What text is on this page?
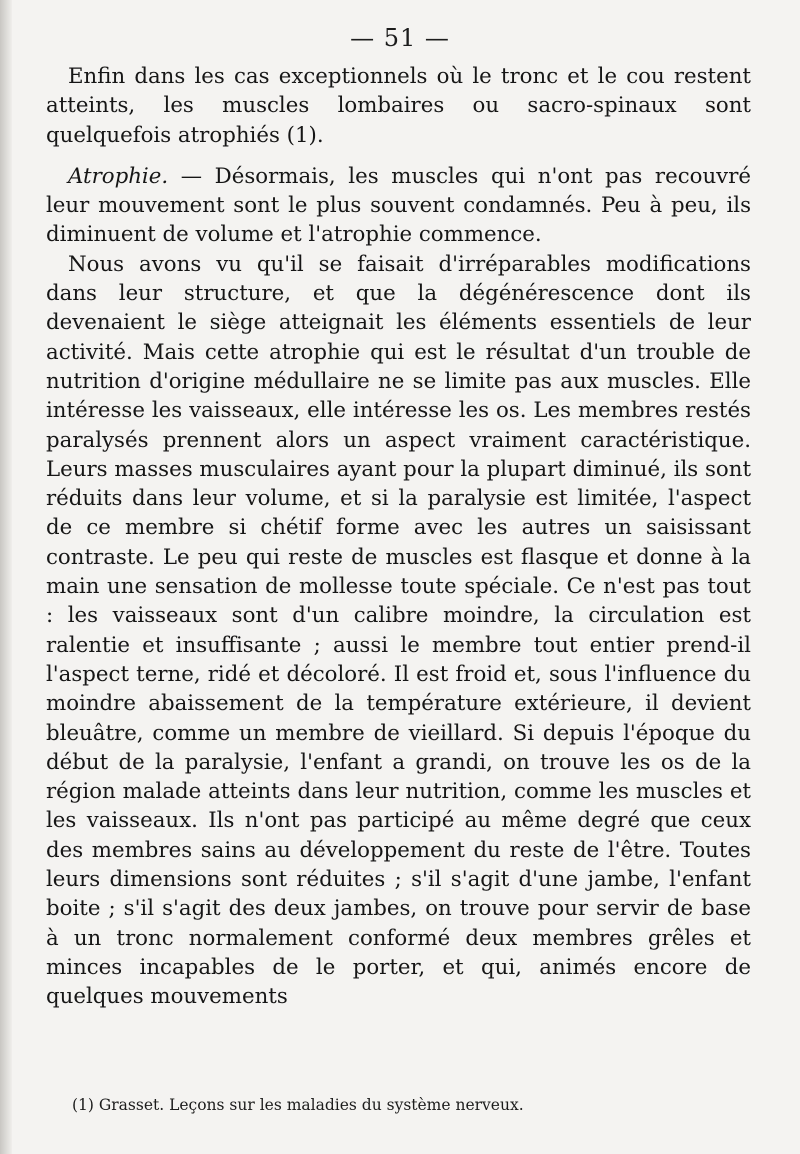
— 51 —

Enfin dans les cas exceptionnels où le tronc et le cou restent atteints, les muscles lombaires ou sacro-spinaux sont quelquefois atrophiés (1).

Atrophie. — Désormais, les muscles qui n'ont pas recouvré leur mouvement sont le plus souvent condamnés. Peu à peu, ils diminuent de volume et l'atrophie commence.

Nous avons vu qu'il se faisait d'irréparables modifications dans leur structure, et que la dégénérescence dont ils devenaient le siège atteignait les éléments essentiels de leur activité. Mais cette atrophie qui est le résultat d'un trouble de nutrition d'origine médullaire ne se limite pas aux muscles. Elle intéresse les vaisseaux, elle intéresse les os. Les membres restés paralysés prennent alors un aspect vraiment caractéristique. Leurs masses musculaires ayant pour la plupart diminué, ils sont réduits dans leur volume, et si la paralysie est limitée, l'aspect de ce membre si chétif forme avec les autres un saisissant contraste. Le peu qui reste de muscles est flasque et donne à la main une sensation de mollesse toute spéciale. Ce n'est pas tout : les vaisseaux sont d'un calibre moindre, la circulation est ralentie et insuffisante ; aussi le membre tout entier prend-il l'aspect terne, ridé et décoloré. Il est froid et, sous l'influence du moindre abaissement de la température extérieure, il devient bleuâtre, comme un membre de vieillard. Si depuis l'époque du début de la paralysie, l'enfant a grandi, on trouve les os de la région malade atteints dans leur nutrition, comme les muscles et les vaisseaux. Ils n'ont pas participé au même degré que ceux des membres sains au développement du reste de l'être. Toutes leurs dimensions sont réduites ; s'il s'agit d'une jambe, l'enfant boite ; s'il s'agit des deux jambes, on trouve pour servir de base à un tronc normalement conformé deux membres grêles et minces incapables de le porter, et qui, animés encore de quelques mouvements

(1) Grasset. Leçons sur les maladies du système nerveux.
